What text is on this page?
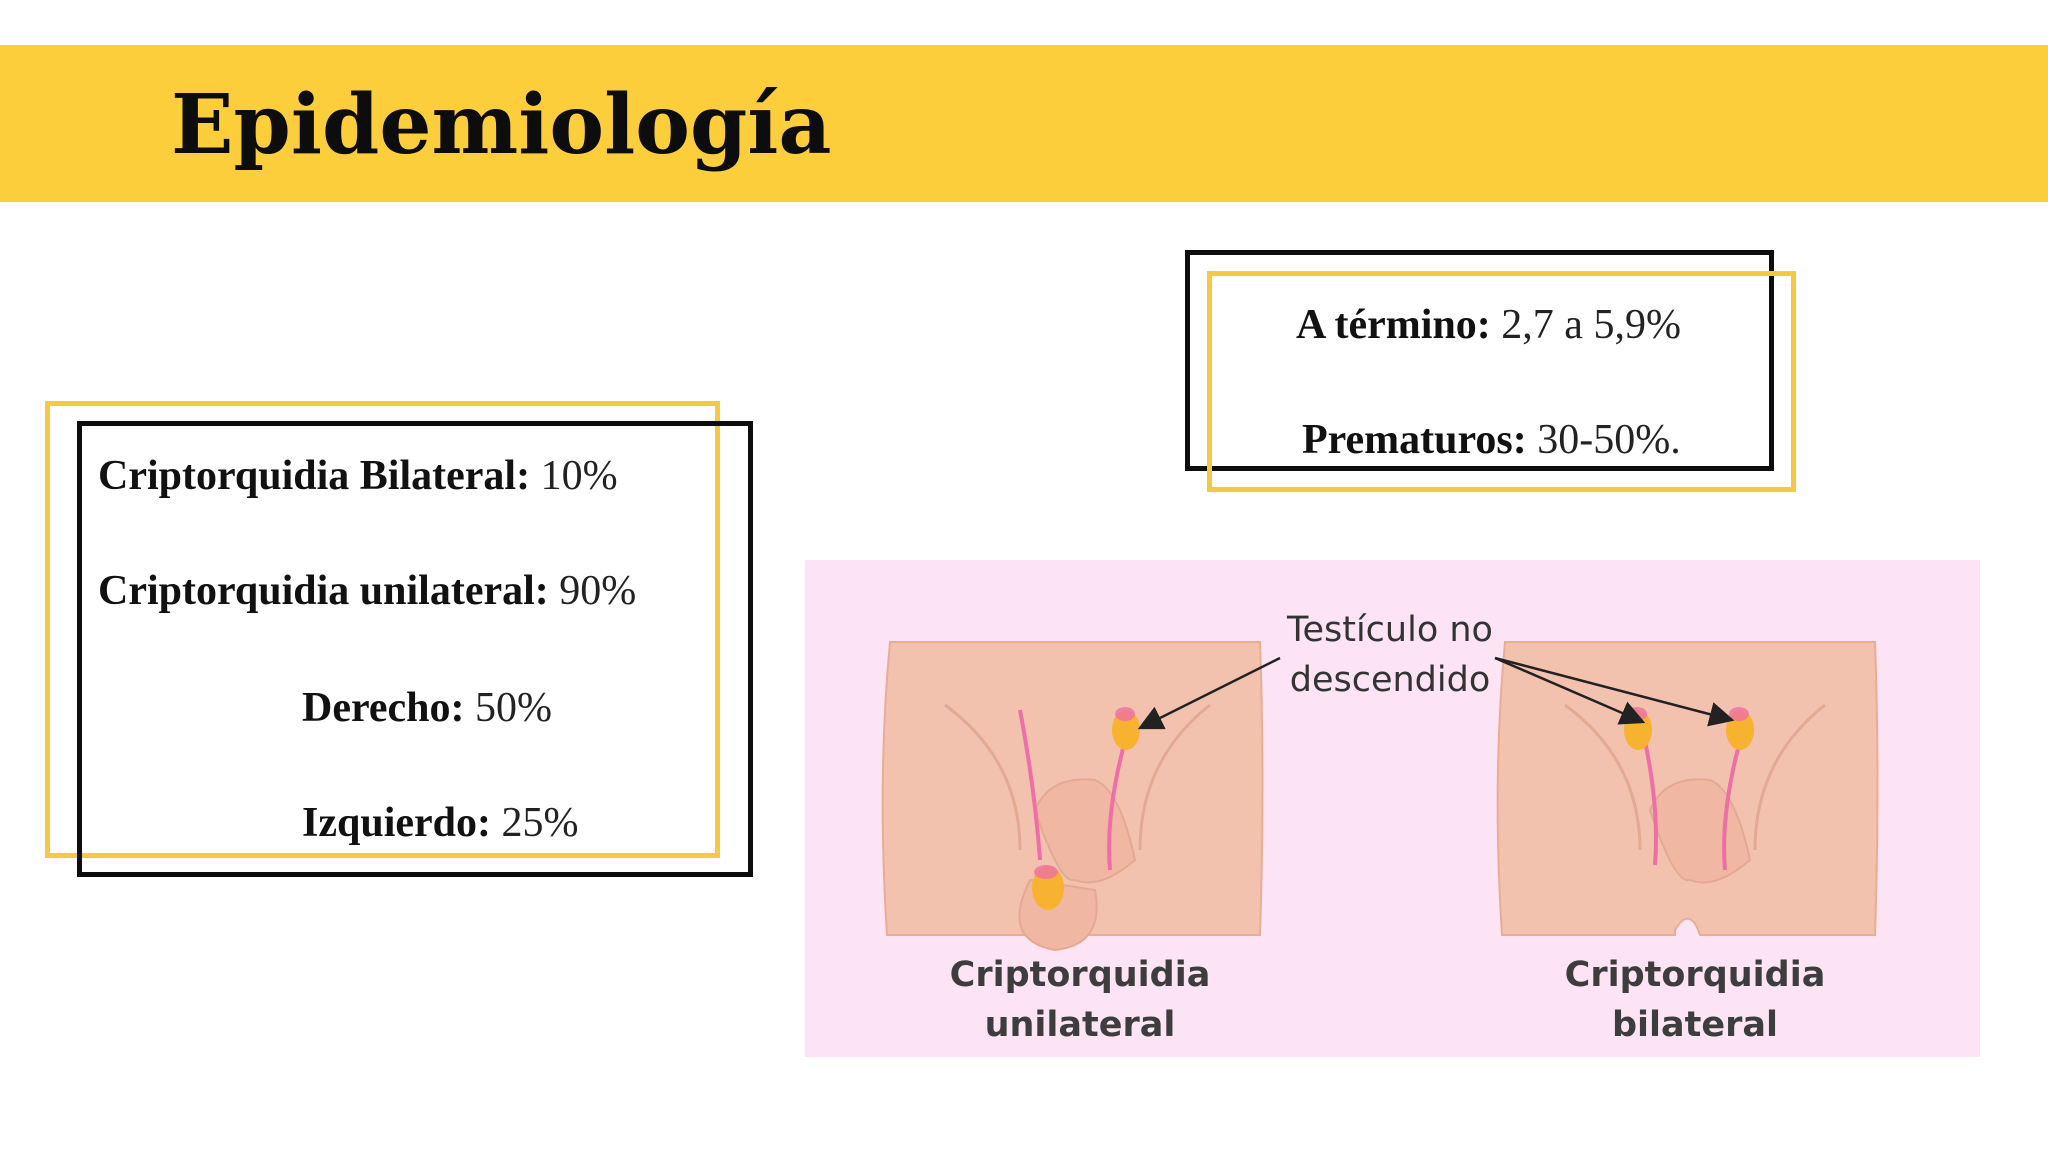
Epidemiología
Criptorquidia Bilateral: 10%
Criptorquidia unilateral: 90%
Derecho: 50%
Izquierdo: 25%
A término: 2,7 a 5,9%
Prematuros: 30-50%.
Testículo no
descendido
Criptorquidia
unilateral
Criptorquidia
bilateral
